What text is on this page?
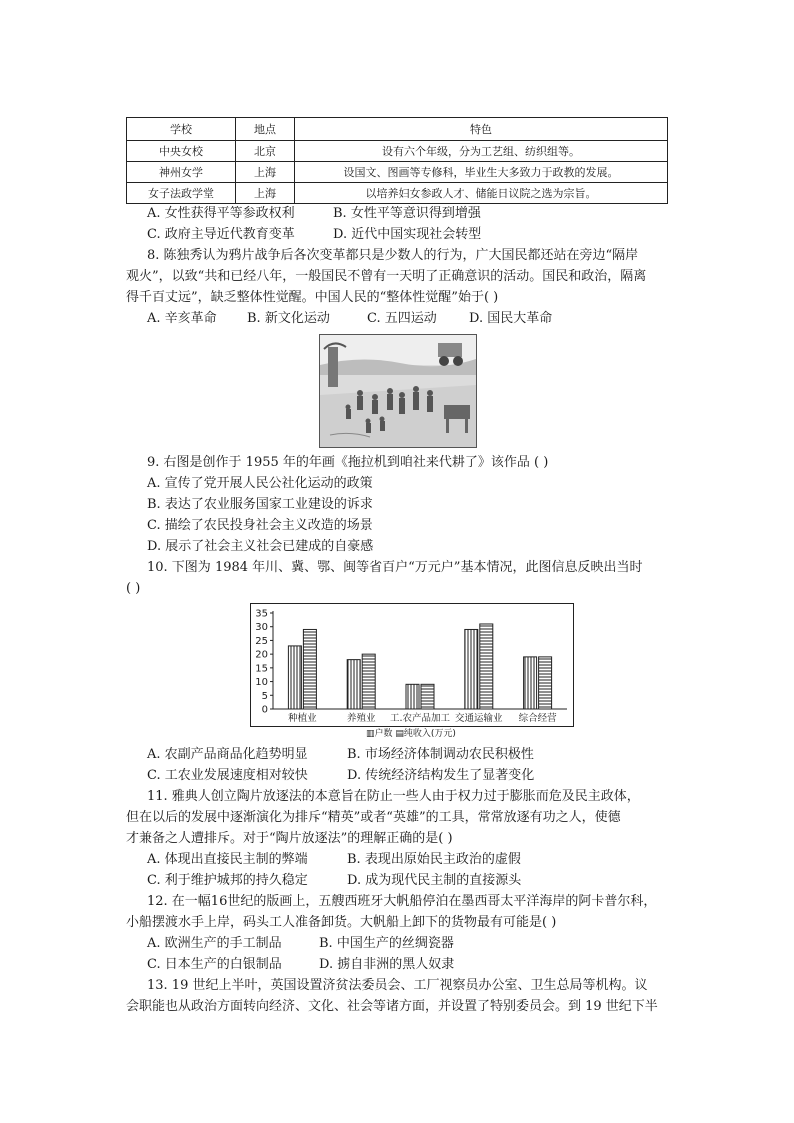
学校	地点	特色
中央女校	北京	设有六个年级，分为工艺组、纺织组等。
神州女学	上海	设国文、图画等专修科，毕业生大多致力于政教的发展。
女子法政学堂	上海	以培养妇女参政人才、储能日议院之选为宗旨。
A. 女性获得平等参政权利	B. 女性平等意识得到增强
C. 政府主导近代教育变革	D. 近代中国实现社会转型
8. 陈独秀认为鸦片战争后各次变革都只是少数人的行为，广大国民都还站在旁边“隔岸
观火”，以致“共和已经八年，一般国民不曾有一天明了正确意识的活动。国民和政治，隔离
得千百丈远”，缺乏整体性觉醒。中国人民的“整体性觉醒”始于( )
A. 辛亥革命 B. 新文化运动	C. 五四运动 D. 国民大革命
9. 右图是创作于 1955 年的年画《拖拉机到咱社来代耕了》该作品 ( )
A. 宣传了党开展人民公社化运动的政策
B. 表达了农业服务国家工业建设的诉求
C. 描绘了农民投身社会主义改造的场景
D. 展示了社会主义社会已建成的自豪感
10. 下图为 1984 年川、冀、鄂、闽等省百户“万元户”基本情况，此图信息反映出当时
( )
0
5
10
15
20
25
30
35
种植业	养殖业 工.农产品加工 交通运输业 综合经营
▥户数 ▤纯收入(万元)
A. 农副产品商品化趋势明显	B. 市场经济体制调动农民积极性
C. 工农业发展速度相对较快	D. 传统经济结构发生了显著变化
11. 雅典人创立陶片放逐法的本意旨在防止一些人由于权力过于膨胀而危及民主政体，
但在以后的发展中逐渐演化为排斥“精英”或者“英雄”的工具，常常放逐有功之人，使德
才兼备之人遭排斥。对于“陶片放逐法”的理解正确的是( )
A. 体现出直接民主制的弊端	B. 表现出原始民主政治的虚假
C. 利于维护城邦的持久稳定	D. 成为现代民主制的直接源头
12. 在一幅16世纪的版画上，五艘西班牙大帆船停泊在墨西哥太平洋海岸的阿卡普尔科，
小船摆渡水手上岸，码头工人准备卸货。大帆船上卸下的货物最有可能是( )
A. 欧洲生产的手工制品	B. 中国生产的丝绸瓷器
C. 日本生产的白银制品	D. 掳自非洲的黑人奴隶
13. 19 世纪上半叶，英国设置济贫法委员会、工厂视察员办公室、卫生总局等机构。议
会职能也从政治方面转向经济、文化、社会等诸方面，并设置了特别委员会。到 19 世纪下半
